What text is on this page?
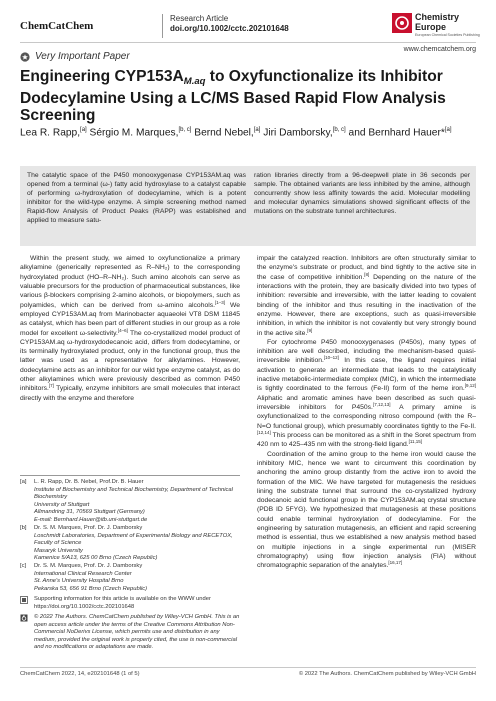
ChemCatChem
Research Article
doi.org/10.1002/cctc.202101648
Chemistry
Europe
European Chemical Societies Publishing
www.chemcatchem.org
Very Important Paper
Engineering $CYP153A_{M.aq}$ to Oxyfunctionalize its Inhibitor Dodecylamine Using a LC/MS Based Rapid Flow Analysis Screening
Lea R. Rapp,[a] Sérgio M. Marques,[b, c] Bernd Nebel,[a] Jiri Damborsky,[b, c] and Bernhard Hauer*[a]
The catalytic space of the P450 monooxygenase CYP153AM.aq was opened from a terminal (ω-) fatty acid hydroxylase to a catalyst capable of performing ω-hydroxylation of dodecylamine, which is a potent inhibitor for the wild-type enzyme. A simple screening method named Rapid-flow Analysis of Product Peaks (RAPP) was established and applied to measure satu-
ration libraries directly from a 96-deepwell plate in 36 seconds per sample. The obtained variants are less inhibited by the amine, although concurrently show less affinity towards the acid. Molecular modelling and molecular dynamics simulations showed significant effects of the mutations on the substrate tunnel architectures.

Within the present study, we aimed to oxyfunctionalize a primary alkylamine (generically represented as R–NH₂) to the corresponding hydroxylated product (HO–R–NH₂). Such amino alcohols can serve as valuable precursors for the production of pharmaceutical substances, like various β-blockers comprising 2-amino alcohols, or biopolymers, such as polyamides, which can be derived from ω-amino alcohols.[1–3] We employed CYP153AM.aq from Marinobacter aquaeolei VT8 DSM 11845 as catalyst, which has been part of different studies in our group as a role model for excellent ω-selectivity.[4–6] The co-crystallized model product of CYP153AM.aq ω-hydroxydodecanoic acid, differs from dodecylamine, or its terminally hydroxylated product, only in the functional group, thus the latter was used as a representative for alkylamines. However, dodecylamine acts as an inhibitor for our wild type enzyme catalyst, as do other alkylamines which were previously described as common P450 inhibitors.[7] Typically, enzyme inhibitors are small molecules that interact directly with the enzyme and therefore

[a] L. R. Rapp, Dr. B. Nebel, Prof.Dr. B. Hauer
Institute of Biochemistry and Technical Biochemistry, Department of Technical Biochemistry
University of Stuttgart
Allmandring 31, 70569 Stuttgart (Germany)
E-mail: Bernhard.Hauer@itb.uni-stuttgart.de
[b] Dr. S. M. Marques, Prof. Dr. J. Damborsky
Loschmidt Laboratories, Department of Experimental Biology and RECETOX, Faculty of Science
Masaryk University
Kamenice 5/A13, 625 00 Brno (Czech Republic)
[c] Dr. S. M. Marques, Prof. Dr. J. Damborsky
International Clinical Research Center
St. Anne's University Hospital Brno
Pekarska 53, 656 91 Brno (Czech Republic)
Supporting information for this article is available on the WWW under https://doi.org/10.1002/cctc.202101648
© 2022 The Authors. ChemCatChem published by Wiley-VCH GmbH. This is an open access article under the terms of the Creative Commons Attribution Non-Commercial NoDerivs License, which permits use and distribution in any medium, provided the original work is properly cited, the use is non-commercial and no modifications or adaptations are made.

impair the catalyzed reaction. Inhibitors are often structurally similar to the enzyme's substrate or product, and bind tightly to the active site in the case of competitive inhibition.[8] Depending on the nature of the interactions with the protein, they are basically divided into two types of inhibition: reversible and irreversible, with the latter leading to covalent binding of the inhibitor and thus resulting in the inactivation of the enzyme. However, there are exceptions, such as quasi-irreversible inhibition, in which the inhibitor is not covalently but very strongly bound in the active site.[9]

For cytochrome P450 monooxygenases (P450s), many types of inhibition are well described, including the mechanism-based quasi-irreversible inhibition.[10–12] In this case, the ligand requires initial activation to generate an intermediate that leads to the catalytically inactive metabolic-intermediate complex (MIC), in which the intermediate is tightly coordinated to the ferrous (Fe-II) form of the heme iron.[9,12] Aliphatic and aromatic amines have been described as such quasi-irreversible inhibitors for P450s.[7,12,13] A primary amine is oxyfunctionalized to the corresponding nitroso compound (with the R–N=O functional group), which presumably coordinates tightly to the Fe-II.[12,14] This process can be monitored as a shift in the Soret spectrum from 420 nm to 425–435 nm with the strong-field ligand.[11,15]

Coordination of the amino group to the heme iron would cause the inhibitory MIC, hence we want to circumvent this coordination by anchoring the amino group distantly from the active iron to avoid the formation of the MIC. We have targeted for mutagenesis the residues lining the substrate tunnel that surround the co-crystallized hydroxy dodecanoic acid functional group in the CYP153AM.aq crystal structure (PDB ID 5FYG). We hypothesized that mutagenesis at these positions could enable terminal hydroxylation of dodecylamine. For the engineering by saturation mutagenesis, an efficient and rapid screening method is essential, thus we established a new analysis method based on multiple injections in a single experimental run (MISER chromatography) using flow injection analysis (FIA) without chromatographic separation of the analytes.[16,17]

ChemCatChem 2022, 14, e202101648 (1 of 5)	© 2022 The Authors. ChemCatChem published by Wiley-VCH GmbH
